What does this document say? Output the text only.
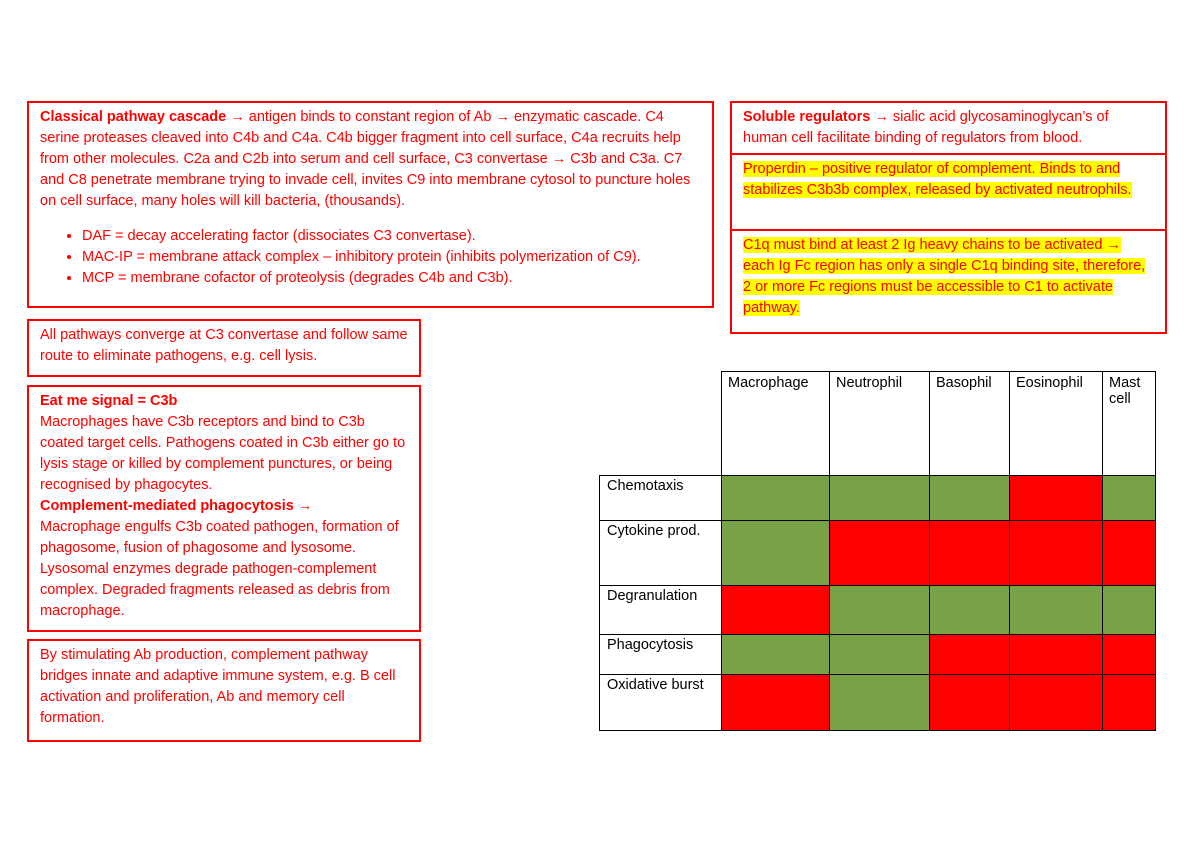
Classical pathway cascade → antigen binds to constant region of Ab → enzymatic cascade. C4 serine proteases cleaved into C4b and C4a. C4b bigger fragment into cell surface, C4a recruits help from other molecules. C2a and C2b into serum and cell surface, C3 convertase → C3b and C3a. C7 and C8 penetrate membrane trying to invade cell, invites C9 into membrane cytosol to puncture holes on cell surface, many holes will kill bacteria, (thousands).
• DAF = decay accelerating factor (dissociates C3 convertase).
• MAC-IP = membrane attack complex – inhibitory protein (inhibits polymerization of C9).
• MCP = membrane cofactor of proteolysis (degrades C4b and C3b).
All pathways converge at C3 convertase and follow same route to eliminate pathogens, e.g. cell lysis.
Eat me signal = C3b
Macrophages have C3b receptors and bind to C3b coated target cells. Pathogens coated in C3b either go to lysis stage or killed by complement punctures, or being recognised by phagocytes.
Complement-mediated phagocytosis →
Macrophage engulfs C3b coated pathogen, formation of phagosome, fusion of phagosome and lysosome. Lysosomal enzymes degrade pathogen-complement complex. Degraded fragments released as debris from macrophage.
By stimulating Ab production, complement pathway bridges innate and adaptive immune system, e.g. B cell activation and proliferation, Ab and memory cell formation.
Soluble regulators → sialic acid glycosaminoglycan’s of human cell facilitate binding of regulators from blood.
Properdin – positive regulator of complement. Binds to and stabilizes C3b3b complex, released by activated neutrophils.
C1q must bind at least 2 Ig heavy chains to be activated → each Ig Fc region has only a single C1q binding site, therefore, 2 or more Fc regions must be accessible to C1 to activate pathway.
	Macrophage	Neutrophil	Basophil	Eosinophil	Mast cell
Chemotaxis					
Cytokine prod.					
Degranulation					
Phagocytosis					
Oxidative burst					
